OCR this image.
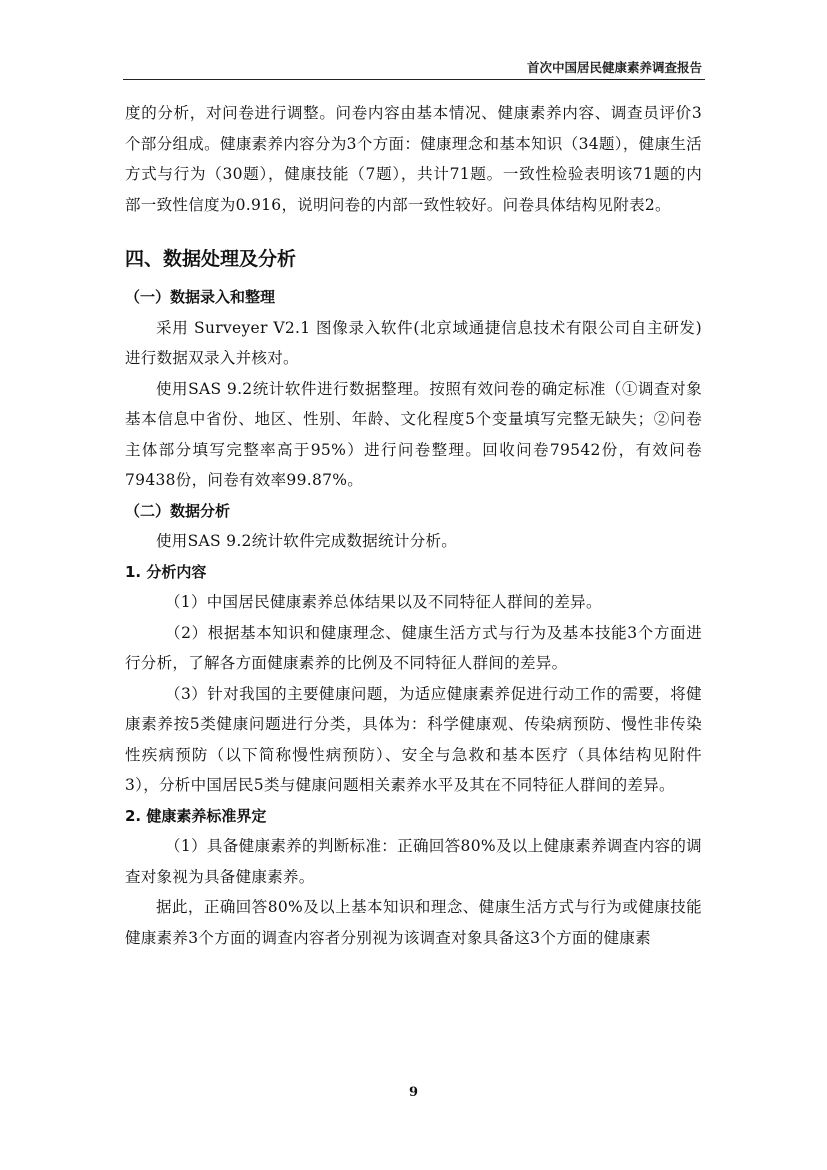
首次中国居民健康素养调查报告

度的分析，对问卷进行调整。问卷内容由基本情况、健康素养内容、调查员评价3个部分组成。健康素养内容分为3个方面：健康理念和基本知识（34题），健康生活方式与行为（30题），健康技能（7题），共计71题。一致性检验表明该71题的内部一致性信度为0.916，说明问卷的内部一致性较好。问卷具体结构见附表2。

四、数据处理及分析

（一）数据录入和整理

采用 Surveyer V2.1 图像录入软件(北京域通捷信息技术有限公司自主研发)进行数据双录入并核对。

使用SAS 9.2统计软件进行数据整理。按照有效问卷的确定标准（①调查对象基本信息中省份、地区、性别、年龄、文化程度5个变量填写完整无缺失；②问卷主体部分填写完整率高于95%）进行问卷整理。回收问卷79542份，有效问卷79438份，问卷有效率99.87%。

（二）数据分析

使用SAS 9.2统计软件完成数据统计分析。

1. 分析内容

（1）中国居民健康素养总体结果以及不同特征人群间的差异。

（2）根据基本知识和健康理念、健康生活方式与行为及基本技能3个方面进行分析，了解各方面健康素养的比例及不同特征人群间的差异。

（3）针对我国的主要健康问题，为适应健康素养促进行动工作的需要，将健康素养按5类健康问题进行分类，具体为：科学健康观、传染病预防、慢性非传染性疾病预防（以下简称慢性病预防）、安全与急救和基本医疗（具体结构见附件3），分析中国居民5类与健康问题相关素养水平及其在不同特征人群间的差异。

2. 健康素养标准界定

（1）具备健康素养的判断标准：正确回答80%及以上健康素养调查内容的调查对象视为具备健康素养。

据此，正确回答80%及以上基本知识和理念、健康生活方式与行为或健康技能健康素养3个方面的调查内容者分别视为该调查对象具备这3个方面的健康素

9
